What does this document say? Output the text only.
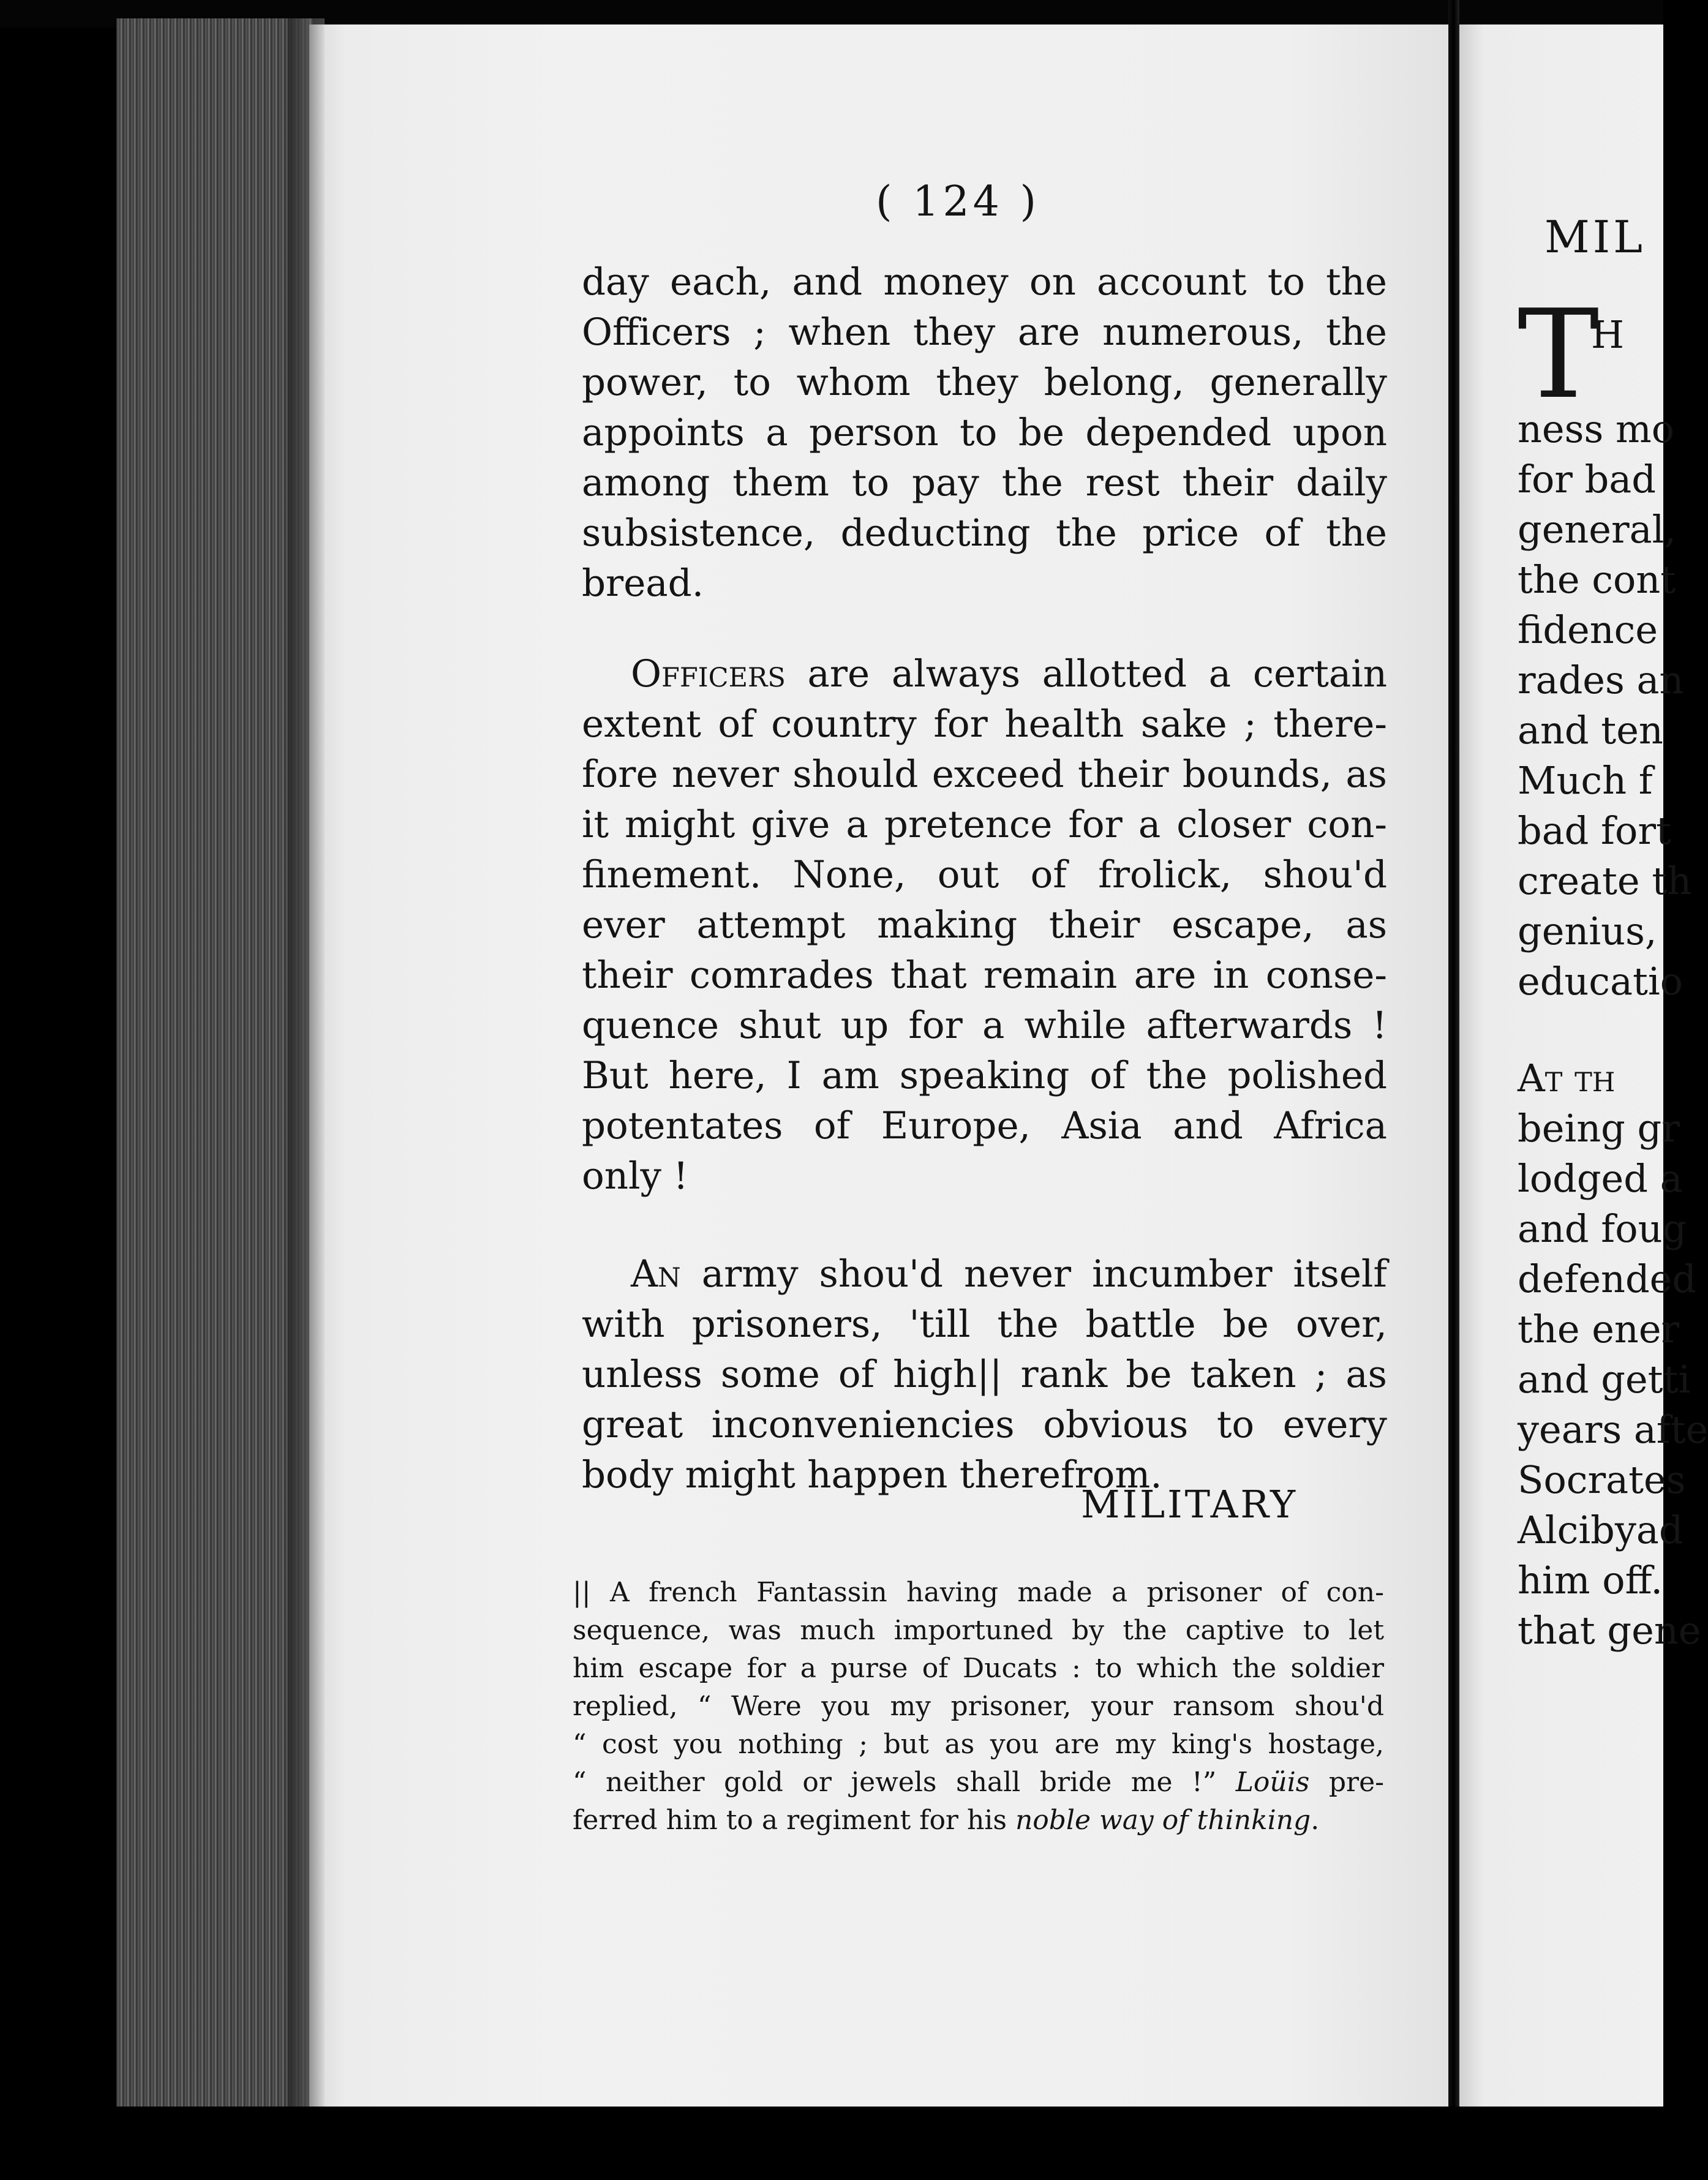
( 124 )
day each, and money on account to the
Officers ; when they are numerous, the
power, to whom they belong, generally
appoints a person to be depended upon
among them to pay the rest their daily
subsistence, deducting the price of the
bread.
Officers are always allotted a certain
extent of country for health sake ; there-
fore never should exceed their bounds, as
it might give a pretence for a closer con-
finement. None, out of frolick, shou'd
ever attempt making their escape, as
their comrades that remain are in conse-
quence shut up for a while afterwards !
But here, I am speaking of the polished
potentates of Europe, Asia and Africa
only !
An army shou'd never incumber itself
with prisoners, 'till the battle be over,
unless some of high|| rank be taken ; as
great inconveniencies obvious to every
body might happen therefrom.
MILITARY
|| A french Fantassin having made a prisoner of con-
sequence, was much importuned by the captive to let
him escape for a purse of Ducats : to which the soldier
replied, “ Were you my prisoner, your ransom shou'd
“ cost you nothing ; but as you are my king's hostage,
“ neither gold or jewels shall bride me !” Loüis pre-
ferred him to a regiment for his noble way of thinking.
MIL
T
H
ness mo
for bad
general,
the cont
fidence
rades an
and ten
Much f
bad fort
create th
genius,
educatio
At th
being gr
lodged a
and foug
defended
the ener
and getti
years afte
Socrates
Alcibyad
him off.
that gene
